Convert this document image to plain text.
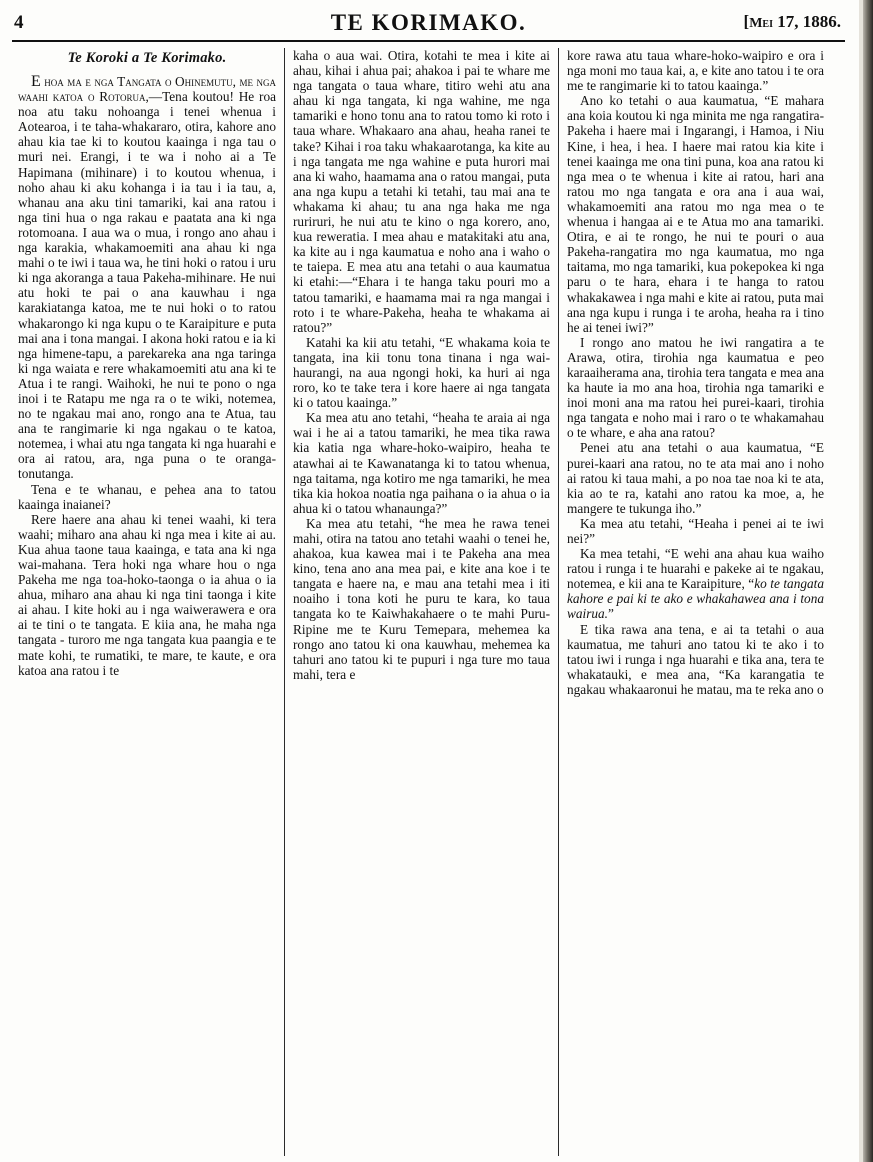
4	TE KORIMAKO.	[Mei 17, 1886.
Te Koroki a Te Korimako.

E hoa ma e nga Tangata o Ohinemutu, me nga waahi katoa o Rotorua,—Tena koutou! He roa noa atu taku nohoanga i tenei whenua i Aotearoa, i te taha-whakararo, otira, kahore ano ahau kia tae ki to koutou kaainga i nga tau o muri nei. Erangi, i te wa i noho ai a Te Hapimana (mihinare) i to koutou whenua, i noho ahau ki aku kohanga i ia tau i ia tau, a, whanau ana aku tini tamariki, kai ana ratou i nga tini hua o nga rakau e paatata ana ki nga rotomoana. I aua wa o mua, i rongo ano ahau i nga karakia, whakamoemiti ana ahau ki nga mahi o te iwi i taua wa, he tini hoki o ratou i uru ki nga akoranga a taua Pakeha-mihinare. He nui atu hoki te pai o ana kauwhau i nga karakiatanga katoa, me te nui hoki o to ratou whakarongo ki nga kupu o te Karaipiture e puta mai ana i tona mangai. I akona hoki ratou e ia ki nga himene-tapu, a parekareka ana nga taringa ki nga waiata e rere whakamoemiti atu ana ki te Atua i te rangi. Waihoki, he nui te pono o nga inoi i te Ratapu me nga ra o te wiki, notemea, no te ngakau mai ano, rongo ana te Atua, tau ana te rangimarie ki nga ngakau o te katoa, notemea, i whai atu nga tangata ki nga huarahi e ora ai ratou, ara, nga puna o te oranga-tonutanga.

Tena e te whanau, e pehea ana to tatou kaainga inaianei?

Rere haere ana ahau ki tenei waahi, ki tera waahi; miharo ana ahau ki nga mea i kite ai au. Kua ahua taone taua kaainga, e tata ana ki nga wai-mahana. Tera hoki nga whare hou o nga Pakeha me nga toa-hoko-taonga o ia ahua o ia ahua, miharo ana ahau ki nga tini taonga i kite ai ahau. I kite hoki au i nga waiwerawera e ora ai te tini o te tangata. E kiia ana, he maha nga tangata - turoro me nga tangata kua paangia e te mate kohi, te rumatiki, te mare, te kaute, e ora katoa ana ratou i te

kaha o aua wai. Otira, kotahi te mea i kite ai ahau, kihai i ahua pai; ahakoa i pai te whare me nga tangata o taua whare, titiro wehi atu ana ahau ki nga tangata, ki nga wahine, me nga tamariki e hono tonu ana to ratou tomo ki roto i taua whare. Whakaaro ana ahau, heaha ranei te take? Kihai i roa taku whakaarotanga, ka kite au i nga tangata me nga wahine e puta hurori mai ana ki waho, haamama ana o ratou mangai, puta ana nga kupu a tetahi ki tetahi, tau mai ana te whakama ki ahau; tu ana nga haka me nga ruriruri, he nui atu te kino o nga korero, ano, kua reweratia. I mea ahau e matakitaki atu ana, ka kite au i nga kaumatua e noho ana i waho o te taiepa. E mea atu ana tetahi o aua kaumatua ki etahi:—“Ehara i te hanga taku pouri mo a tatou tamariki, e haamama mai ra nga mangai i roto i te whare-Pakeha, heaha te whakama ai ratou?”

Katahi ka kii atu tetahi, “E whakama koia te tangata, ina kii tonu tona tinana i nga wai-haurangi, na aua ngongi hoki, ka huri ai nga roro, ko te take tera i kore haere ai nga tangata ki o tatou kaainga.”

Ka mea atu ano tetahi, “heaha te araia ai nga wai i he ai a tatou tamariki, he mea tika rawa kia katia nga whare-hoko-waipiro, heaha te atawhai ai te Kawanatanga ki to tatou whenua, nga taitama, nga kotiro me nga tamariki, he mea tika kia hokoa noatia nga paihana o ia ahua o ia ahua ki o tatou whanaunga?”

Ka mea atu tetahi, “he mea he rawa tenei mahi, otira na tatou ano tetahi waahi o tenei he, ahakoa, kua kawea mai i te Pakeha ana mea kino, tena ano ana mea pai, e kite ana koe i te tangata e haere na, e mau ana tetahi mea i iti noaiho i tona koti he puru te kara, ko taua tangata ko te Kaiwhakahaere o te mahi Puru-Ripine me te Kuru Temepara, mehemea ka rongo ano tatou ki ona kauwhau, mehemea ka tahuri ano tatou ki te pupuri i nga ture mo taua mahi, tera e

kore rawa atu taua whare-hoko-waipiro e ora i nga moni mo taua kai, a, e kite ano tatou i te ora me te rangimarie ki to tatou kaainga.”

Ano ko tetahi o aua kaumatua, “E mahara ana koia koutou ki nga minita me nga rangatira-Pakeha i haere mai i Ingarangi, i Hamoa, i Niu Kine, i hea, i hea. I haere mai ratou kia kite i tenei kaainga me ona tini puna, koa ana ratou ki nga mea o te whenua i kite ai ratou, hari ana ratou mo nga tangata e ora ana i aua wai, whakamoemiti ana ratou mo nga mea o te whenua i hangaa ai e te Atua mo ana tamariki. Otira, e ai te rongo, he nui te pouri o aua Pakeha-rangatira mo nga kaumatua, mo nga taitama, mo nga tamariki, kua pokepokea ki nga paru o te hara, ehara i te hanga to ratou whakakawea i nga mahi e kite ai ratou, puta mai ana nga kupu i runga i te aroha, heaha ra i tino he ai tenei iwi?”

I rongo ano matou he iwi rangatira a te Arawa, otira, tirohia nga kaumatua e peo karaaiherama ana, tirohia tera tangata e mea ana ka haute ia mo ana hoa, tirohia nga tamariki e inoi moni ana ma ratou hei purei-kaari, tirohia nga tangata e noho mai i raro o te whakamahau o te whare, e aha ana ratou?

Penei atu ana tetahi o aua kaumatua, “E purei-kaari ana ratou, no te ata mai ano i noho ai ratou ki taua mahi, a po noa tae noa ki te ata, kia ao te ra, katahi ano ratou ka moe, a, he mangere te tukunga iho.”

Ka mea atu tetahi, “Heaha i penei ai te iwi nei?”

Ka mea tetahi, “E wehi ana ahau kua waiho ratou i runga i te huarahi e pakeke ai te ngakau, notemea, e kii ana te Karaipiture, “ko te tangata kahore e pai ki te ako e whakahawea ana i tona wairua.”

E tika rawa ana tena, e ai ta tetahi o aua kaumatua, me tahuri ano tatou ki te ako i to tatou iwi i runga i nga huarahi e tika ana, tera te whakatauki, e mea ana, “Ka karangatia te ngakau whakaaronui he matau, ma te reka ano o
